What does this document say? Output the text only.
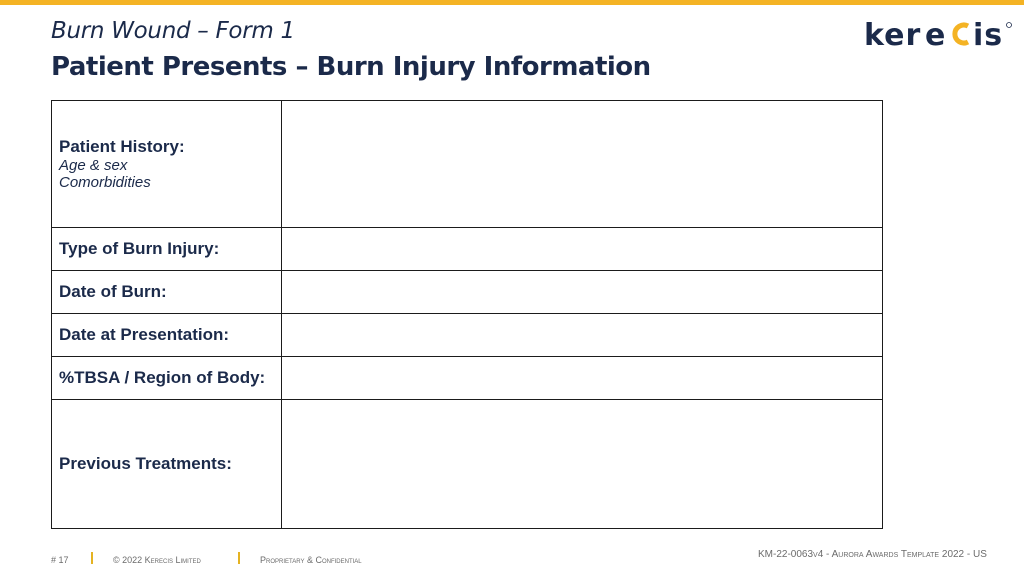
Burn Wound – Form 1
Patient Presents – Burn Injury Information
ker e is
Patient History:
Age & sex
Comorbidities	

Type of Burn Injury:	

Date of Burn:	

Date at Presentation:	

%TBSA / Region of Body:	

Previous Treatments:	

# 17	© 2022 Kerecis Limited	Proprietary & Confidential	KM-22-0063v4 - Aurora Awards Template 2022 - US
